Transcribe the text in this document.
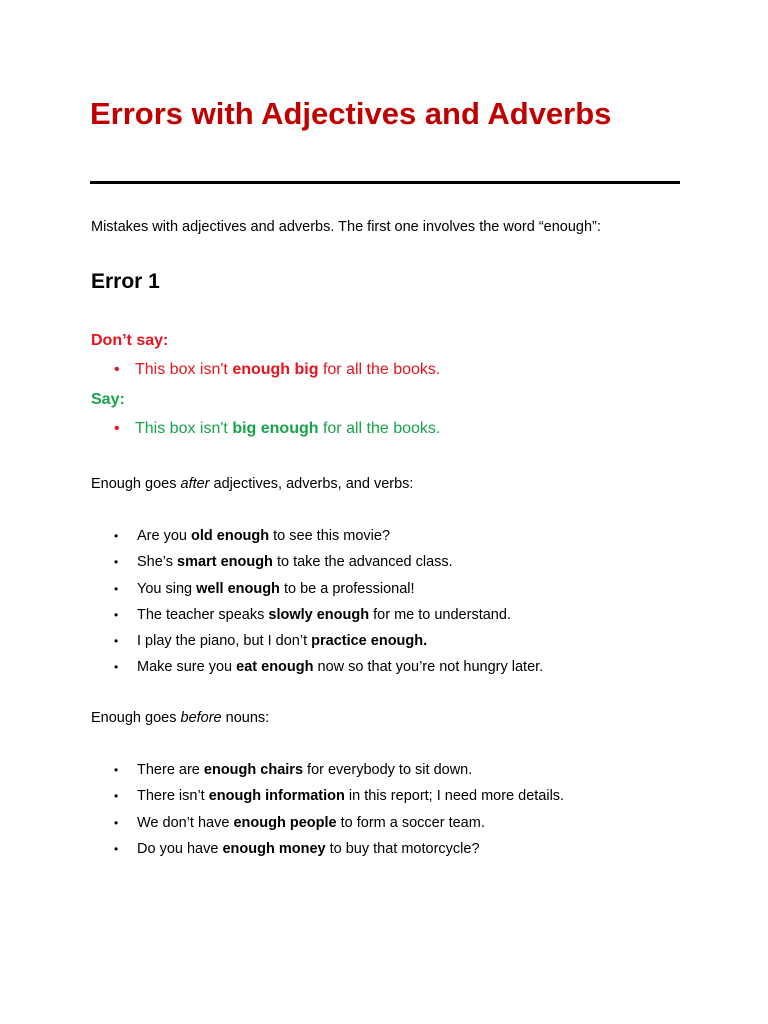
Errors with Adjectives and Adverbs
Mistakes with adjectives and adverbs. The first one involves the word “enough”:
Error 1
Don’t say:
• This box isn't enough big for all the books.
Say:
• This box isn't big enough for all the books.
Enough goes after adjectives, adverbs, and verbs:
• Are you old enough to see this movie?
• She’s smart enough to take the advanced class.
• You sing well enough to be a professional!
• The teacher speaks slowly enough for me to understand.
• I play the piano, but I don’t practice enough.
• Make sure you eat enough now so that you’re not hungry later.
Enough goes before nouns:
• There are enough chairs for everybody to sit down.
• There isn’t enough information in this report; I need more details.
• We don’t have enough people to form a soccer team.
• Do you have enough money to buy that motorcycle?
